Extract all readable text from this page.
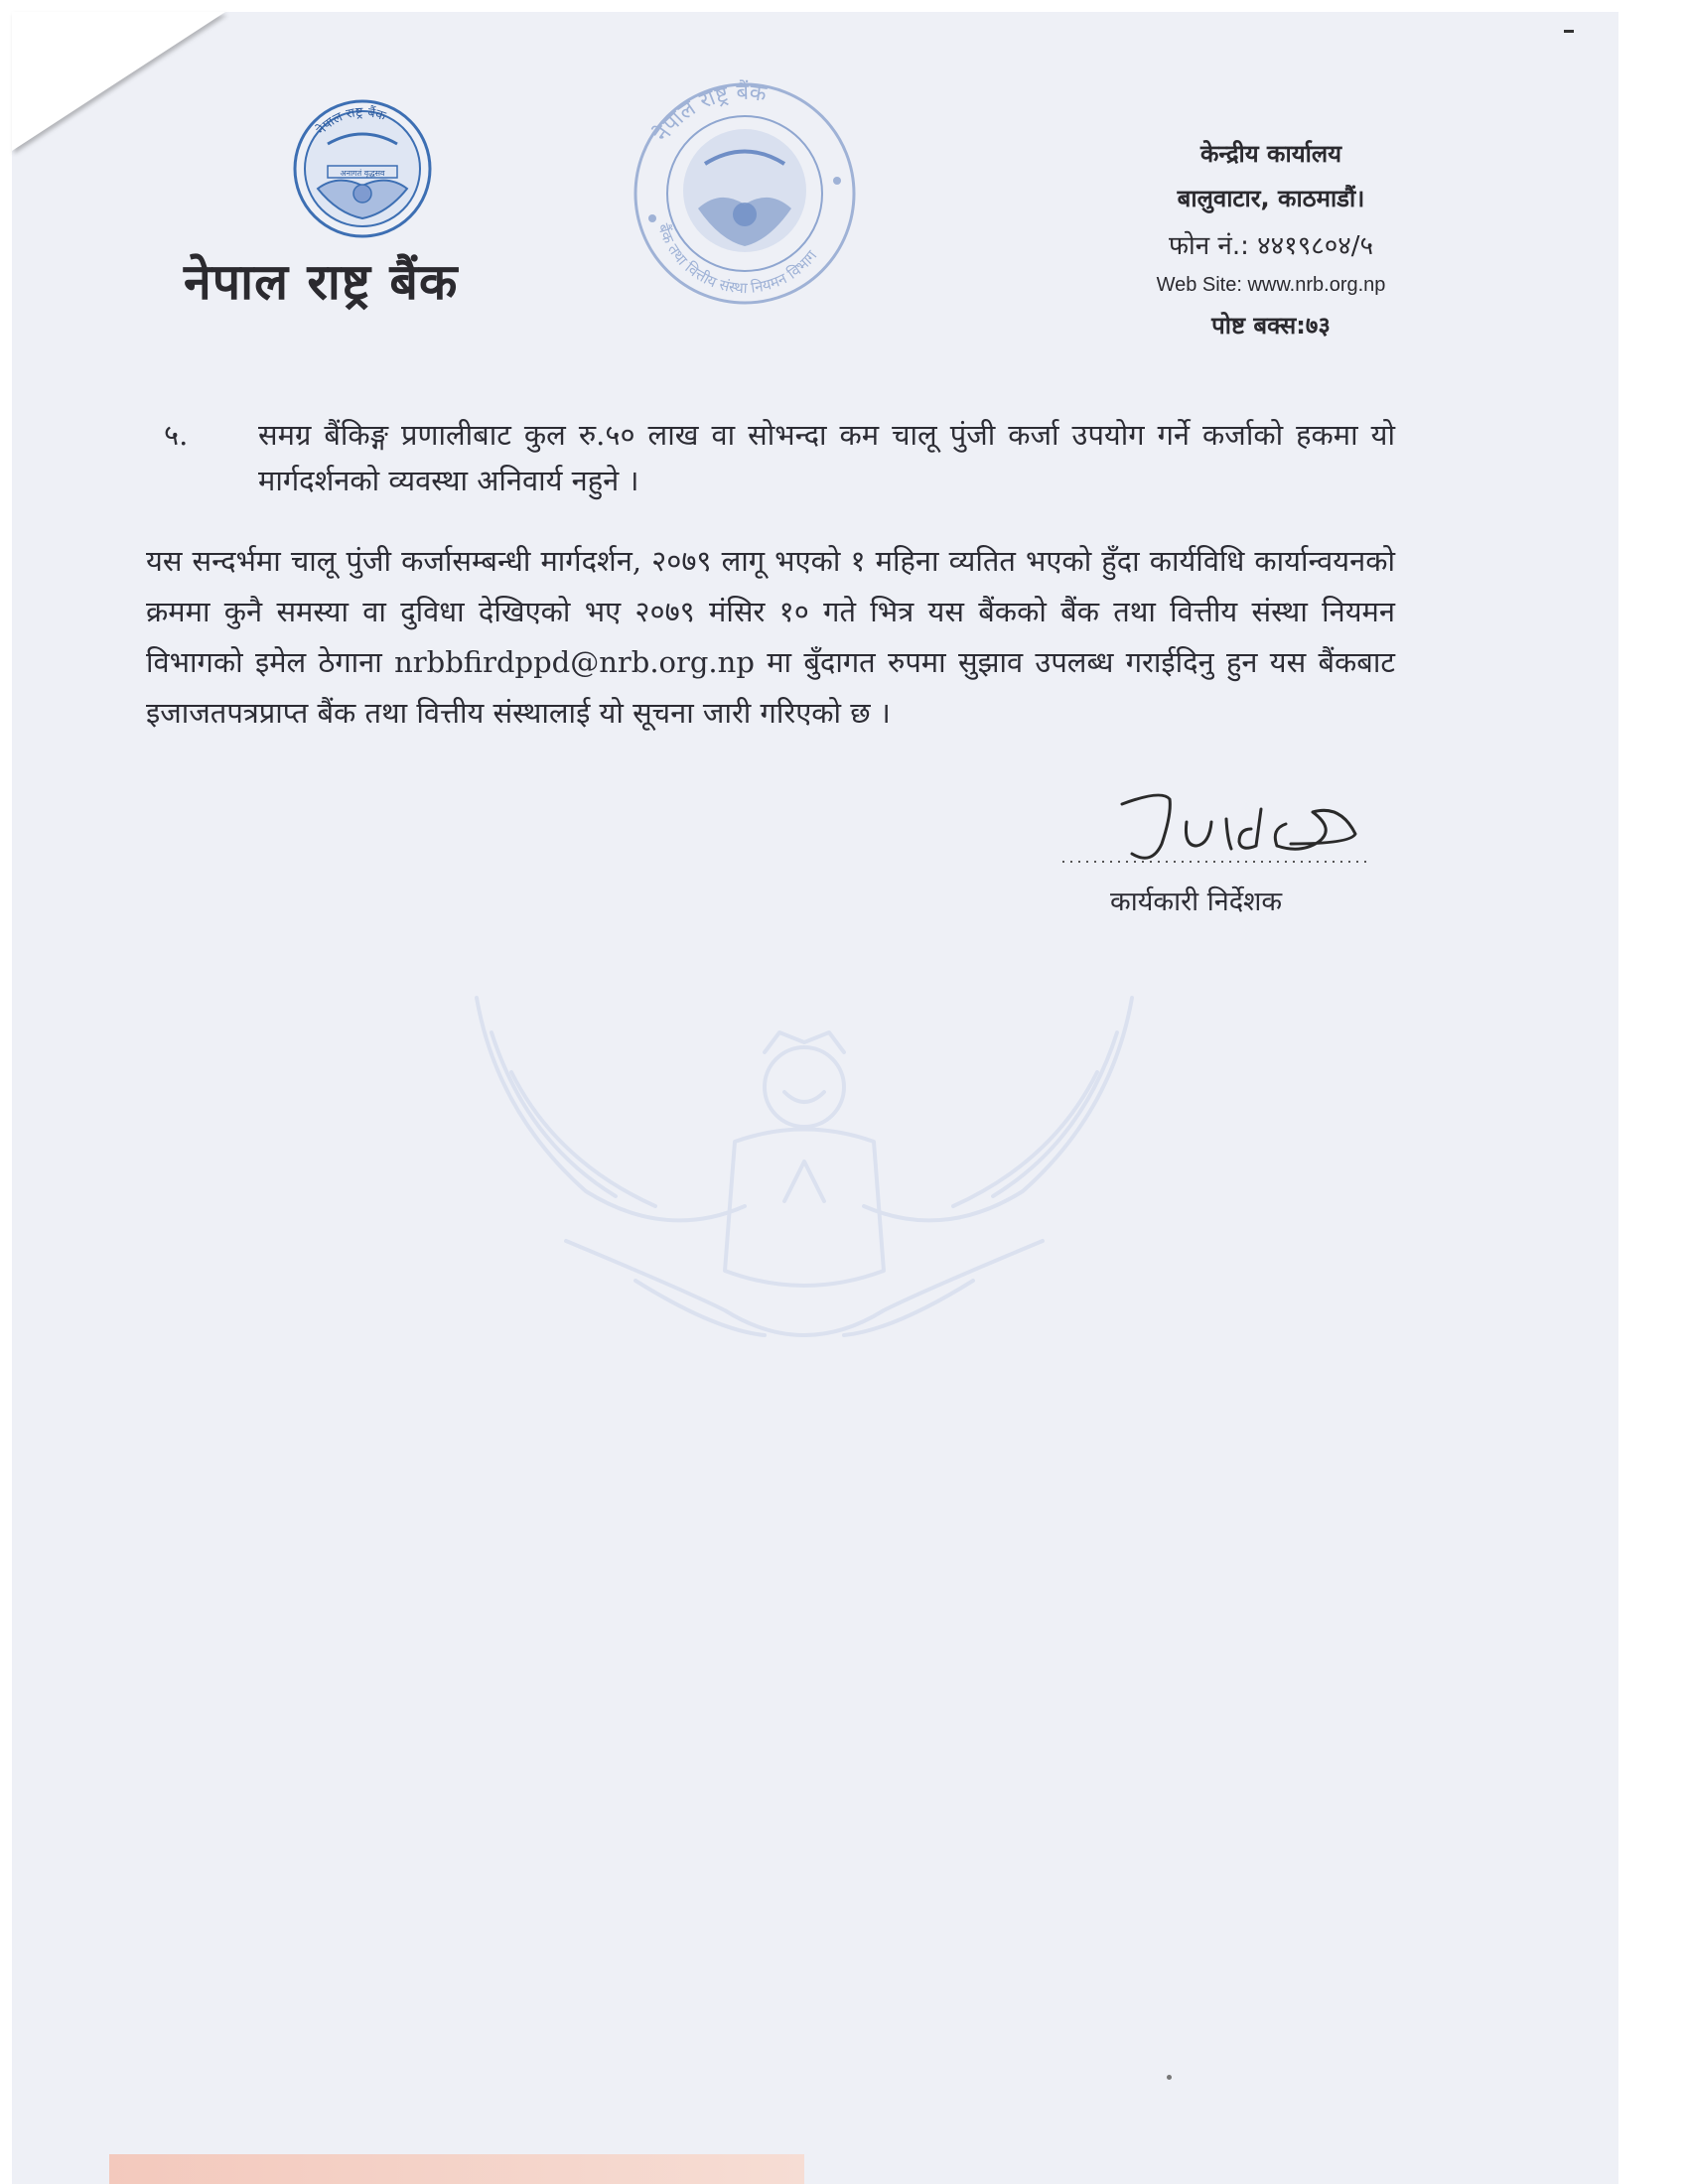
नेपाल राष्ट्र बैंक
अनागतं वृद्धसव
नेपाल राष्ट्र बैंक
नेपाल राष्ट्र बैंक
बैंक तथा वित्तीय संस्था नियमन विभाग
केन्द्रीय कार्यालय
बालुवाटार, काठमाडौं।
फोन नं.: ४४१९८०४/५
Web Site: www.nrb.org.np
पोष्ट बक्स:७३
५. समग्र बैंकिङ्ग प्रणालीबाट कुल रु.५० लाख वा सोभन्दा कम चालू पुंजी कर्जा उपयोग गर्ने कर्जाको हकमा यो मार्गदर्शनको व्यवस्था अनिवार्य नहुने ।
यस सन्दर्भमा चालू पुंजी कर्जासम्बन्धी मार्गदर्शन, २०७९ लागू भएको १ महिना व्यतित भएको हुँदा कार्यविधि कार्यान्वयनको क्रममा कुनै समस्या वा दुविधा देखिएको भए २०७९ मंसिर १० गते भित्र यस बैंकको बैंक तथा वित्तीय संस्था नियमन विभागको इमेल ठेगाना nrbbfirdppd@nrb.org.np मा बुँदागत रुपमा सुझाव उपलब्ध गराईदिनु हुन यस बैंकबाट इजाजतपत्रप्राप्त बैंक तथा वित्तीय संस्थालाई यो सूचना जारी गरिएको छ ।
कार्यकारी निर्देशक
